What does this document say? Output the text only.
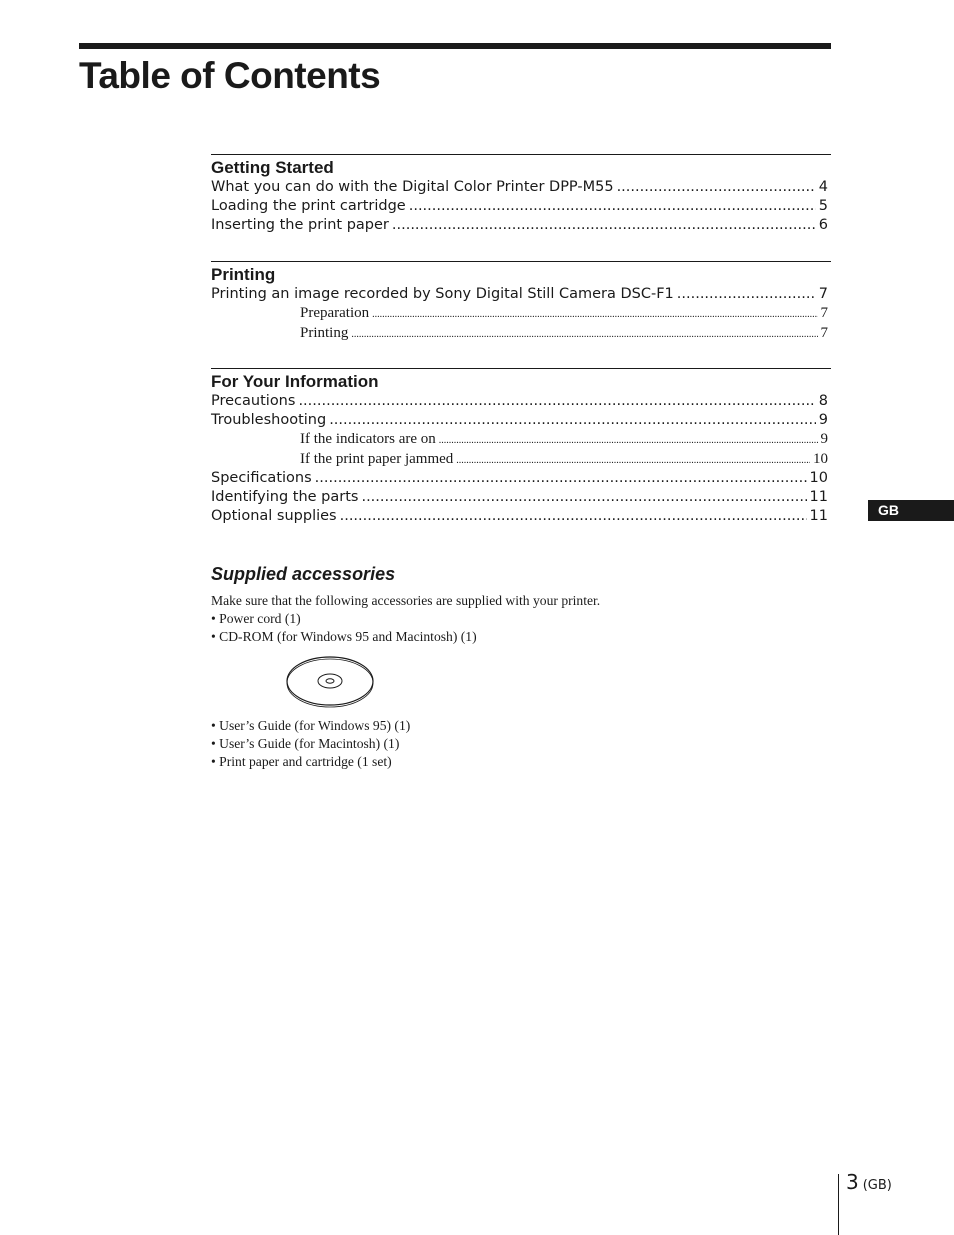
Table of Contents
Getting Started
What you can do with the Digital Color Printer DPP-M55 .....	4
Loading the print cartridge .....	5
Inserting the print paper .....	6
Printing
Printing an image recorded by Sony Digital Still Camera DSC-F1 .....	7
Preparation .....	7
Printing .....	7
For Your Information
Precautions .....	8
Troubleshooting .....	9
If the indicators are on .....	9
If the print paper jammed .....	10
Specifications .....	10
Identifying the parts .....	11
Optional supplies .....	11
Supplied accessories

Make sure that the following accessories are supplied with your printer.

• Power cord (1)
• CD-ROM (for Windows 95 and Macintosh) (1)
• User’s Guide (for Windows 95) (1)
• User’s Guide (for Macintosh) (1)
• Print paper and cartridge (1 set)
GB
3 (GB)
